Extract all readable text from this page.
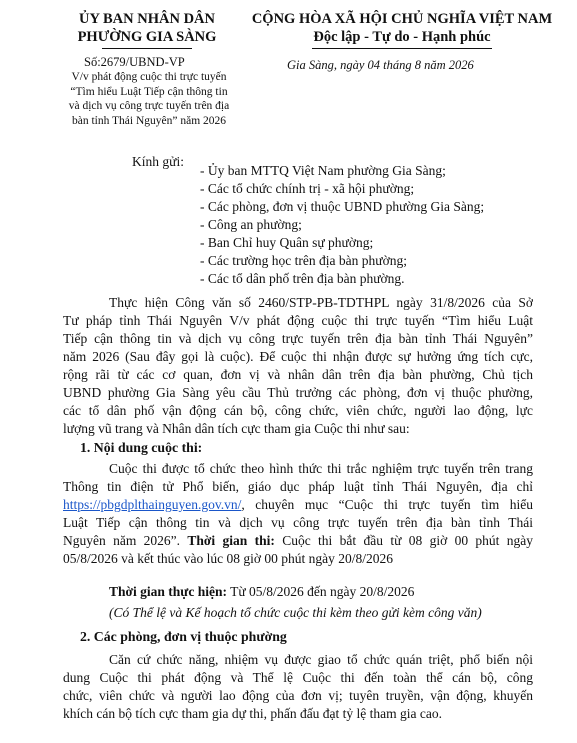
ỦY BAN NHÂN DÂN
PHƯỜNG GIA SÀNG
CỘNG HÒA XÃ HỘI CHỦ NGHĨA VIỆT NAM
Độc lập - Tự do - Hạnh phúc
Số:2679/UBND-VP
V/v phát động cuộc thi trực tuyến
“Tìm hiểu Luật Tiếp cận thông tin
và dịch vụ công trực tuyến trên địa
bàn tỉnh Thái Nguyên” năm 2026
Gia Sàng, ngày 04 tháng 8 năm 2026
Kính gửi:
- Ủy ban MTTQ Việt Nam phường Gia Sàng;
- Các tổ chức chính trị - xã hội phường;
- Các phòng, đơn vị thuộc UBND phường Gia Sàng;
- Công an phường;
- Ban Chỉ huy Quân sự phường;
- Các trường học trên địa bàn phường;
- Các tổ dân phố trên địa bàn phường.
Thực hiện Công văn số 2460/STP-PB-TDTHPL ngày 31/8/2026 của Sở
Tư pháp tỉnh Thái Nguyên V/v phát động cuộc thi trực tuyến “Tìm hiểu Luật
Tiếp cận thông tin và dịch vụ công trực tuyến trên địa bàn tỉnh Thái Nguyên”
năm 2026 (Sau đây gọi là cuộc). Để cuộc thi nhận được sự hưởng ứng tích cực,
rộng rãi từ các cơ quan, đơn vị và nhân dân trên địa bàn phường, Chủ tịch
UBND phường Gia Sàng yêu cầu Thủ trưởng các phòng, đơn vị thuộc phường,
các tổ dân phố vận động cán bộ, công chức, viên chức, người lao động, lực
lượng vũ trang và Nhân dân tích cực tham gia Cuộc thi như sau:
1. Nội dung cuộc thi:
Cuộc thi được tổ chức theo hình thức thi trắc nghiệm trực tuyến trên trang
Thông tin điện tử Phổ biến, giáo dục pháp luật tỉnh Thái Nguyên, địa chỉ
https://pbgdplthainguyen.gov.vn/, chuyên mục “Cuộc thi trực tuyến tìm hiểu
Luật Tiếp cận thông tin và dịch vụ công trực tuyến trên địa bàn tỉnh Thái
Nguyên năm 2026”. Thời gian thi: Cuộc thi bắt đầu từ 08 giờ 00 phút ngày
05/8/2026 và kết thúc vào lúc 08 giờ 00 phút ngày 20/8/2026
Thời gian thực hiện: Từ 05/8/2026 đến ngày 20/8/2026
(Có Thể lệ và Kế hoạch tổ chức cuộc thi kèm theo gửi kèm công văn)
2. Các phòng, đơn vị thuộc phường
Căn cứ chức năng, nhiệm vụ được giao tổ chức quán triệt, phổ biến nội
dung Cuộc thi phát động và Thể lệ Cuộc thi đến toàn thể cán bộ, công
chức, viên chức và người lao động của đơn vị; tuyên truyền, vận động, khuyến
khích cán bộ tích cực tham gia dự thi, phấn đấu đạt tỷ lệ tham gia cao.
